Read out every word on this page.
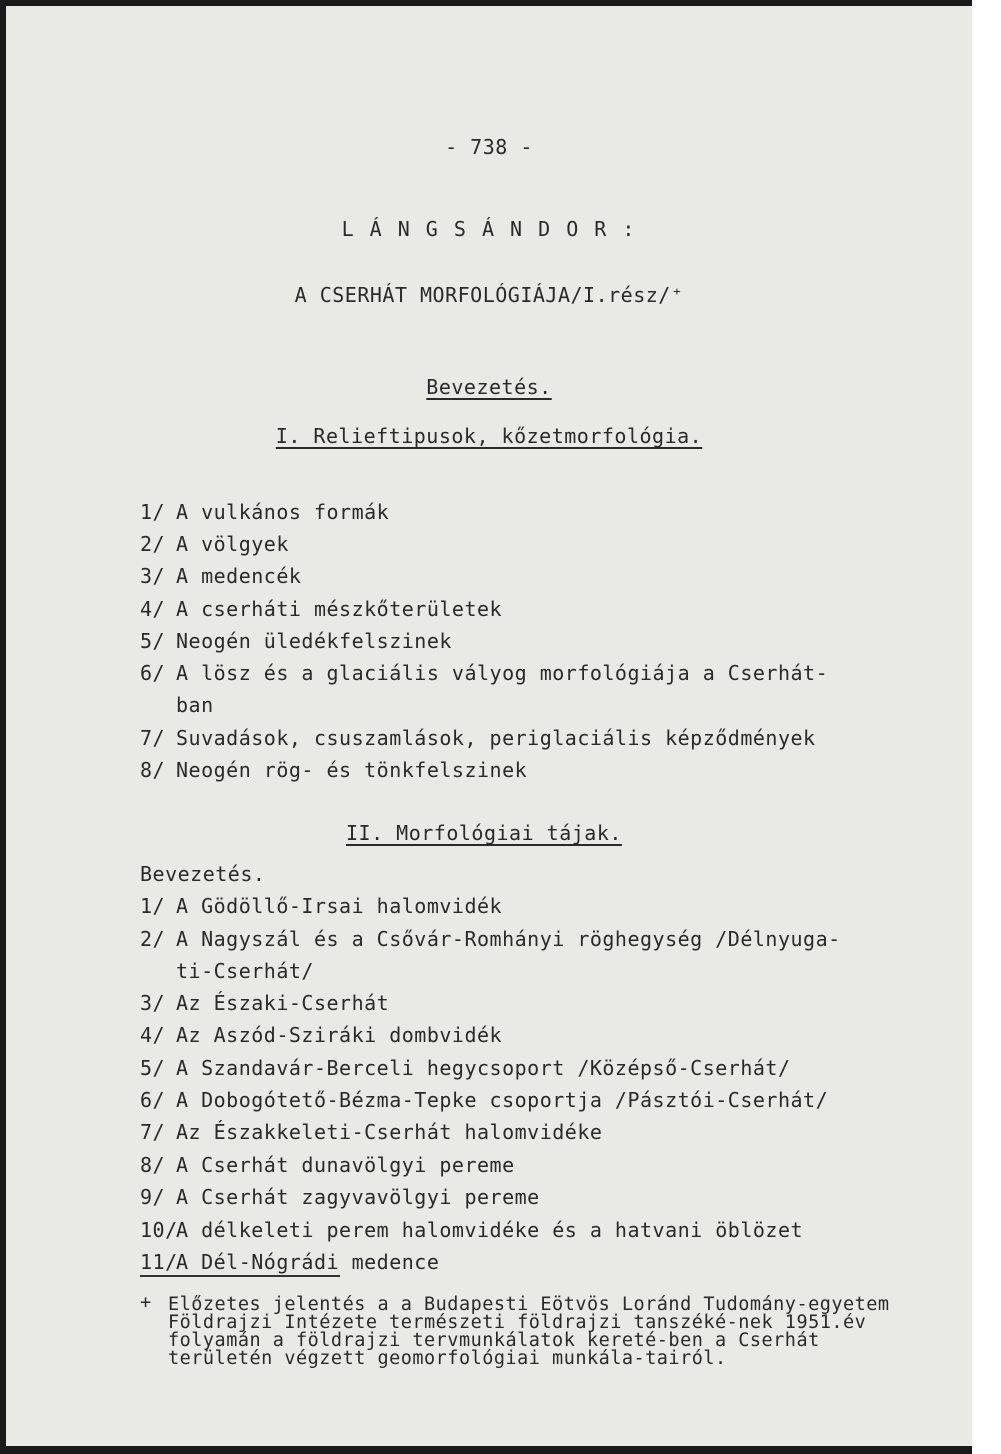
- 738 -
L Á N G S Á N D O R :
A CSERHÁT MORFOLÓGIÁJA/I.rész/⁺
Bevezetés.
I. Relieftipusok, kőzetmorfológia.
1/ A vulkános formák
2/ A völgyek
3/ A medencék
4/ A cserháti mészkőterületek
5/ Neogén üledékfelszinek
6/ A lösz és a glaciális vályog morfológiája a Cserhát-
ban
7/ Suvadások, csuszamlások, periglaciális képződmények
8/ Neogén rög- és tönkfelszinek
II. Morfológiai tájak.
Bevezetés.
1/ A Gödöllő-Irsai halomvidék
2/ A Nagyszál és a Csővár-Romhányi röghegység /Délnyuga-
ti-Cserhát/
3/ Az Északi-Cserhát
4/ Az Aszód-Sziráki dombvidék
5/ A Szandavár-Berceli hegycsoport /Középső-Cserhát/
6/ A Dobogótető-Bézma-Tepke csoportja /Pásztói-Cserhát/
7/ Az Északkeleti-Cserhát halomvidéke
8/ A Cserhát dunavölgyi pereme
9/ A Cserhát zagyvavölgyi pereme
10/A délkeleti perem halomvidéke és a hatvani öblözet
11/A Dél-Nógrádi medence
+ Előzetes jelentés a a Budapesti Eötvös Loránd Tudomány-egyetem Földrajzi Intézete természeti földrajzi tanszéké-nek 1951.év folyamán a földrajzi tervmunkálatok kereté-ben a Cserhát területén végzett geomorfológiai munkála-tairól.
